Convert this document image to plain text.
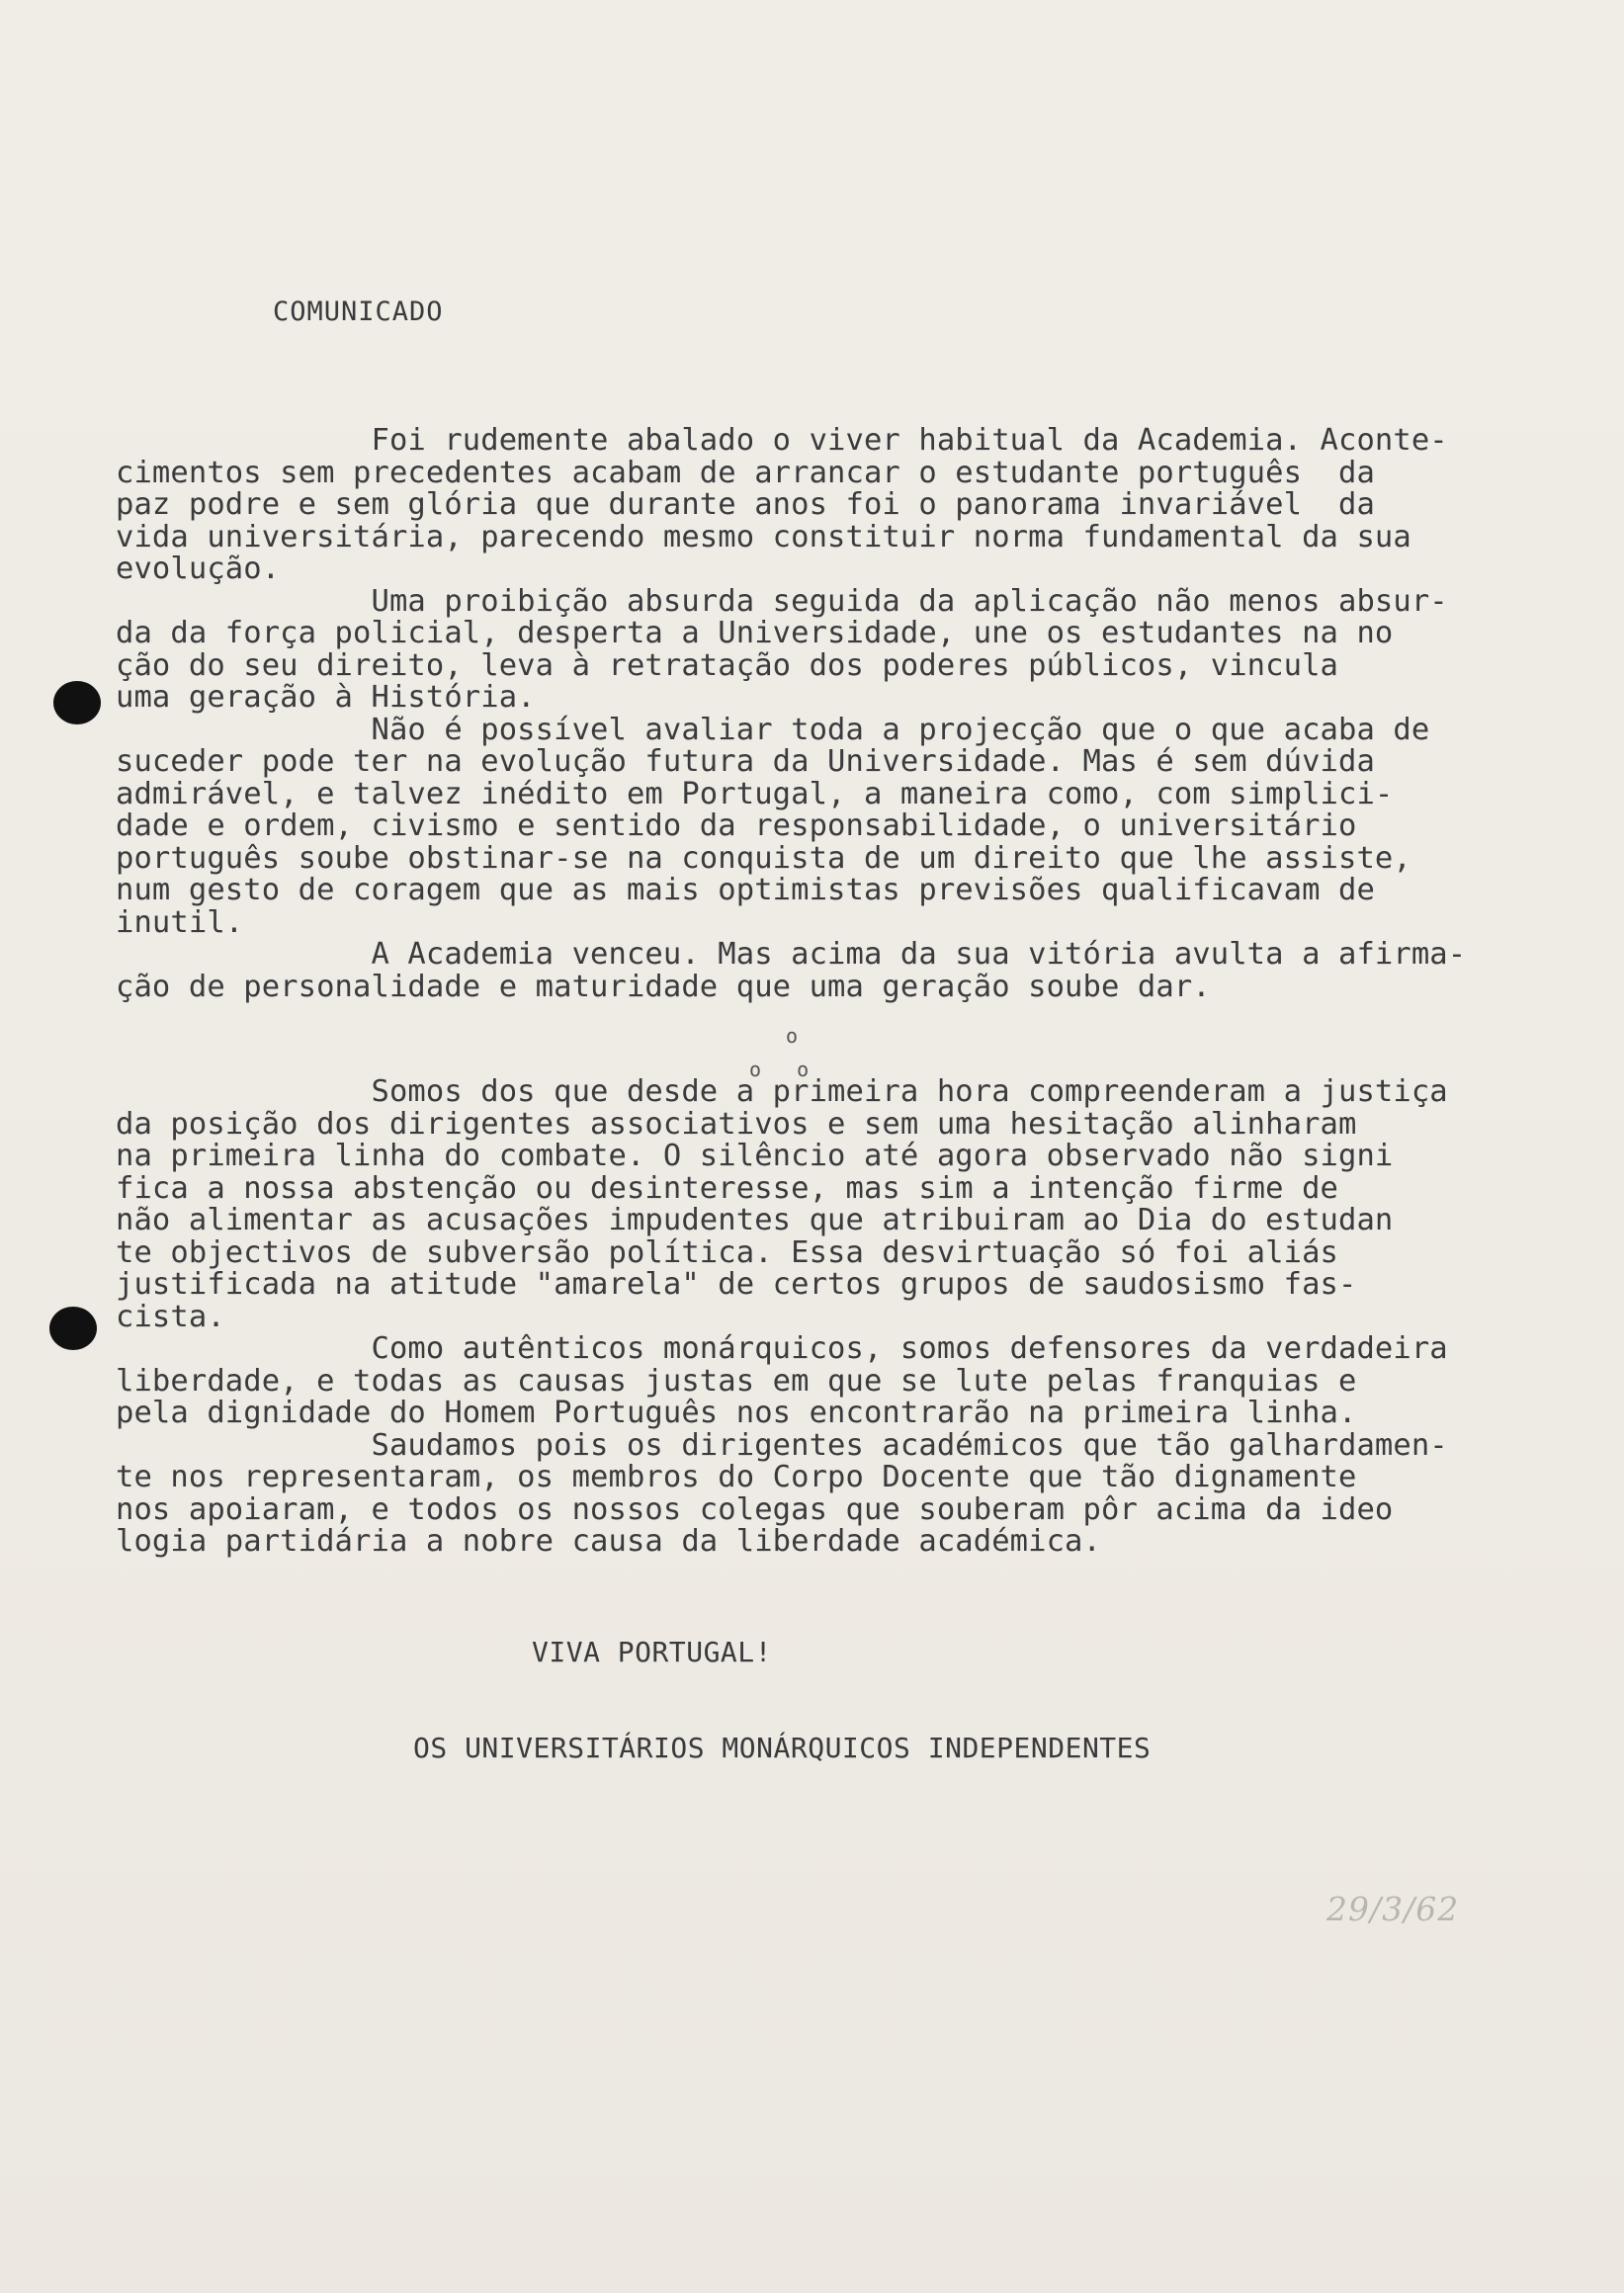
COMUNICADO
Foi rudemente abalado o viver habitual da Academia. Aconte-
cimentos sem precedentes acabam de arrancar o estudante português  da
paz podre e sem glória que durante anos foi o panorama invariável  da
vida universitária, parecendo mesmo constituir norma fundamental da sua
evolução.
Uma proibição absurda seguida da aplicação não menos absur-
da da força policial, desperta a Universidade, une os estudantes na no
ção do seu direito, leva à retratação dos poderes públicos, vincula
uma geração à História.
Não é possível avaliar toda a projecção que o que acaba de
suceder pode ter na evolução futura da Universidade. Mas é sem dúvida
admirável, e talvez inédito em Portugal, a maneira como, com simplici-
dade e ordem, civismo e sentido da responsabilidade, o universitário
português soube obstinar-se na conquista de um direito que lhe assiste,
num gesto de coragem que as mais optimistas previsões qualificavam de
inutil.
A Academia venceu. Mas acima da sua vitória avulta a afirma-
ção de personalidade e maturidade que uma geração soube dar.
o
o   o
Somos dos que desde a primeira hora compreenderam a justiça
da posição dos dirigentes associativos e sem uma hesitação alinharam
na primeira linha do combate. O silêncio até agora observado não signi
fica a nossa abstenção ou desinteresse, mas sim a intenção firme de
não alimentar as acusações impudentes que atribuiram ao Dia do estudan
te objectivos de subversão política. Essa desvirtuação só foi aliás
justificada na atitude "amarela" de certos grupos de saudosismo fas-
cista.
Como autênticos monárquicos, somos defensores da verdadeira
liberdade, e todas as causas justas em que se lute pelas franquias e
pela dignidade do Homem Português nos encontrarão na primeira linha.
Saudamos pois os dirigentes académicos que tão galhardamen-
te nos representaram, os membros do Corpo Docente que tão dignamente
nos apoiaram, e todos os nossos colegas que souberam pôr acima da ideo
logia partidária a nobre causa da liberdade académica.
VIVA PORTUGAL!
OS UNIVERSITÁRIOS MONÁRQUICOS INDEPENDENTES
29/3/62
